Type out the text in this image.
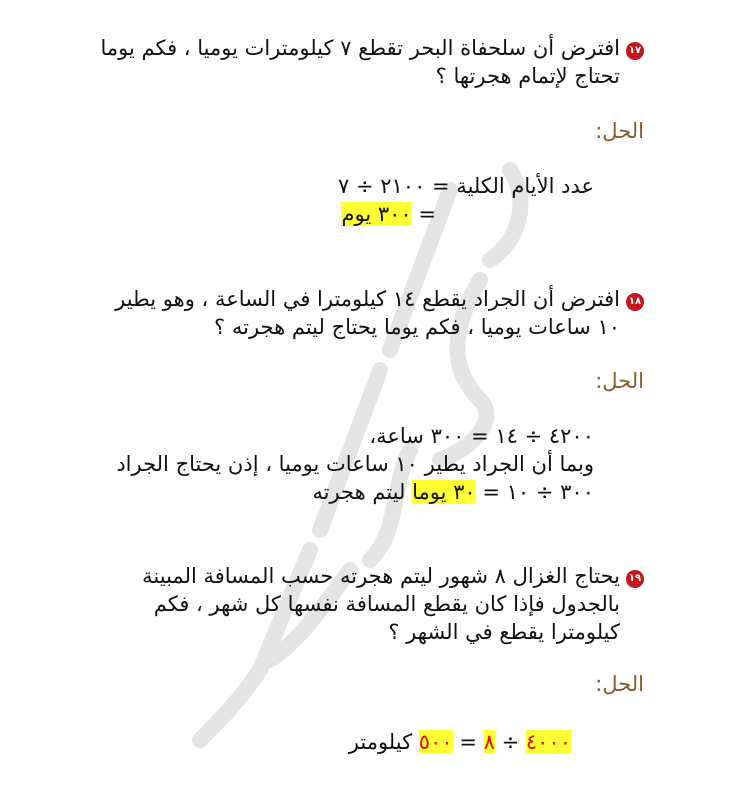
١٧افترض أن سلحفاة البحر تقطع ٧ كيلومترات يوميا ، فكم يوما
تحتاج لإتمام هجرتها ؟
الحل:
عدد الأيام الكلية = ٢١٠٠ ÷ ٧
= ٣٠٠ يوم
١٨افترض أن الجراد يقطع ١٤ كيلومترا في الساعة ، وهو يطير
١٠ ساعات يوميا ، فكم يوما يحتاج ليتم هجرته ؟
الحل:
٤٢٠٠ ÷ ١٤ = ٣٠٠ ساعة،
وبما أن الجراد يطير ١٠ ساعات يوميا ، إذن يحتاج الجراد
٣٠٠ ÷ ١٠ = ٣٠ يوما ليتم هجرته
١٩يحتاج الغزال ٨ شهور ليتم هجرته حسب المسافة المبينة
بالجدول فإذا كان يقطع المسافة نفسها كل شهر ، فكم
كيلومترا يقطع في الشهر ؟
الحل:
٤٠٠٠ ÷ ٨ = ٥٠٠ كيلومتر
